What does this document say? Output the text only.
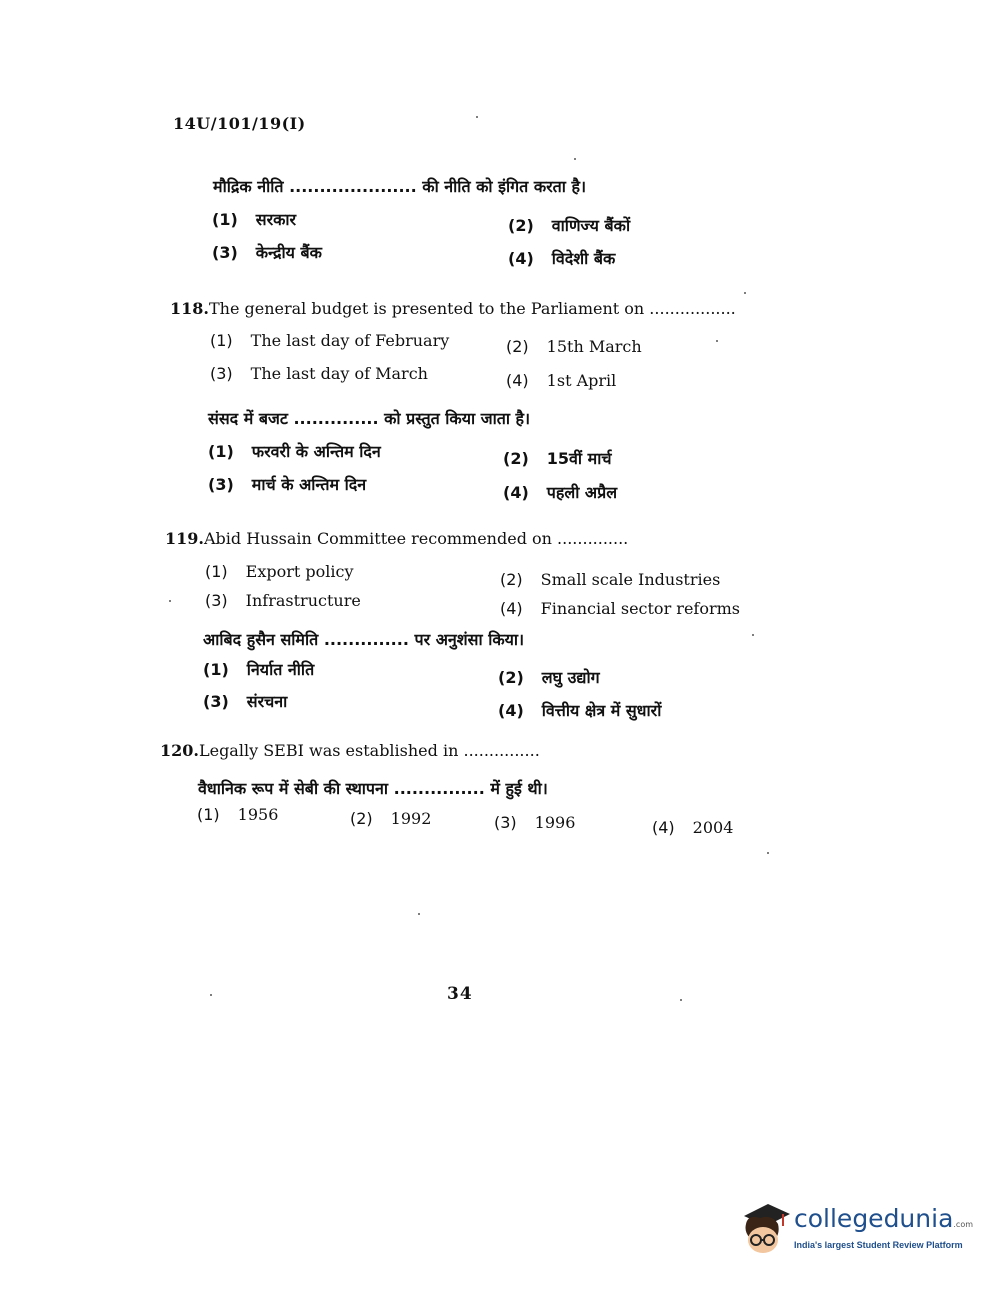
14U/101/19(I)
मौद्रिक नीति ..................... की नीति को इंगित करता है।
(1) सरकार	(2) वाणिज्य बैंकों
(3) केन्द्रीय बैंक	(4) विदेशी बैंक
118.The general budget is presented to the Parliament on .................
(1) The last day of February	(2) 15th March
(3) The last day of March	(4) 1st April
संसद में बजट .............. को प्रस्तुत किया जाता है।
(1) फरवरी के अन्तिम दिन	(2) 15वीं मार्च
(3) मार्च के अन्तिम दिन	(4) पहली अप्रैल
119.Abid Hussain Committee recommended on ..............
(1) Export policy	(2) Small scale Industries
(3) Infrastructure	(4) Financial sector reforms
आबिद हुसैन समिति .............. पर अनुशंसा किया।
(1) निर्यात नीति	(2) लघु उद्योग
(3) संरचना	(4) वित्तीय क्षेत्र में सुधारों
120.Legally SEBI was established in ...............
वैधानिक रूप में सेबी की स्थापना ............... में हुई थी।
(1) 1956	(2) 1992	(3) 1996	(4) 2004
34
collegedunia.com
India's largest Student Review Platform
